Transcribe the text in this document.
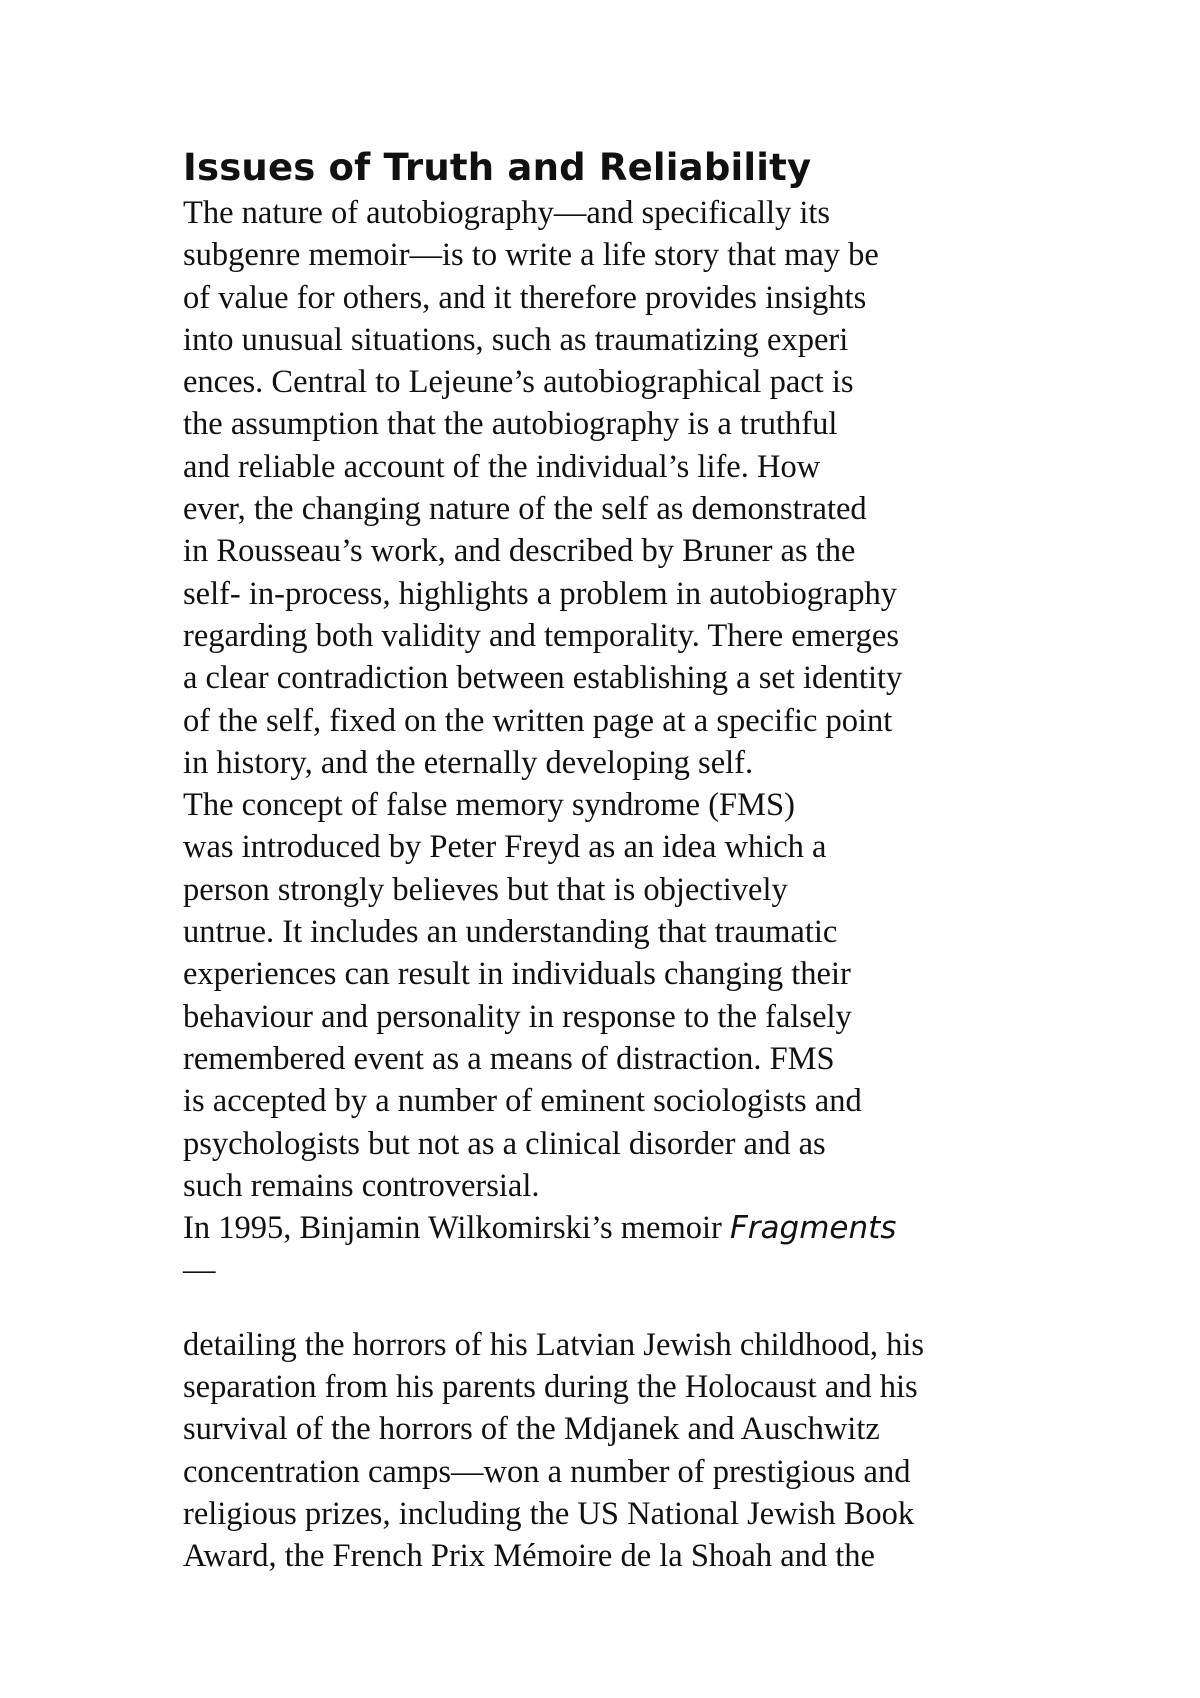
Issues of Truth and Reliability
The nature of autobiography—and specifically its
subgenre memoir—is to write a life story that may be
of value for others, and it therefore provides insights
into unusual situations, such as traumatizing experi
ences. Central to Lejeune’s autobiographical pact is
the assumption that the autobiography is a truthful
and reliable account of the individual’s life. How
ever, the changing nature of the self as demonstrated
in Rousseau’s work, and described by Bruner as the
self- in-process, highlights a problem in autobiography
regarding both validity and temporality. There emerges
a clear contradiction between establishing a set identity
of the self, fixed on the written page at a specific point
in history, and the eternally developing self.
The concept of false memory syndrome (FMS)
was introduced by Peter Freyd as an idea which a
person strongly believes but that is objectively
untrue. It includes an understanding that traumatic
experiences can result in individuals changing their
behaviour and personality in response to the falsely
remembered event as a means of distraction. FMS
is accepted by a number of eminent sociologists and
psychologists but not as a clinical disorder and as
such remains controversial.
In 1995, Binjamin Wilkomirski’s memoir Fragments
—
detailing the horrors of his Latvian Jewish childhood, his
separation from his parents during the Holocaust and his
survival of the horrors of the Mdjanek and Auschwitz
concentration camps—won a number of prestigious and
religious prizes, including the US National Jewish Book
Award, the French Prix Mémoire de la Shoah and the
